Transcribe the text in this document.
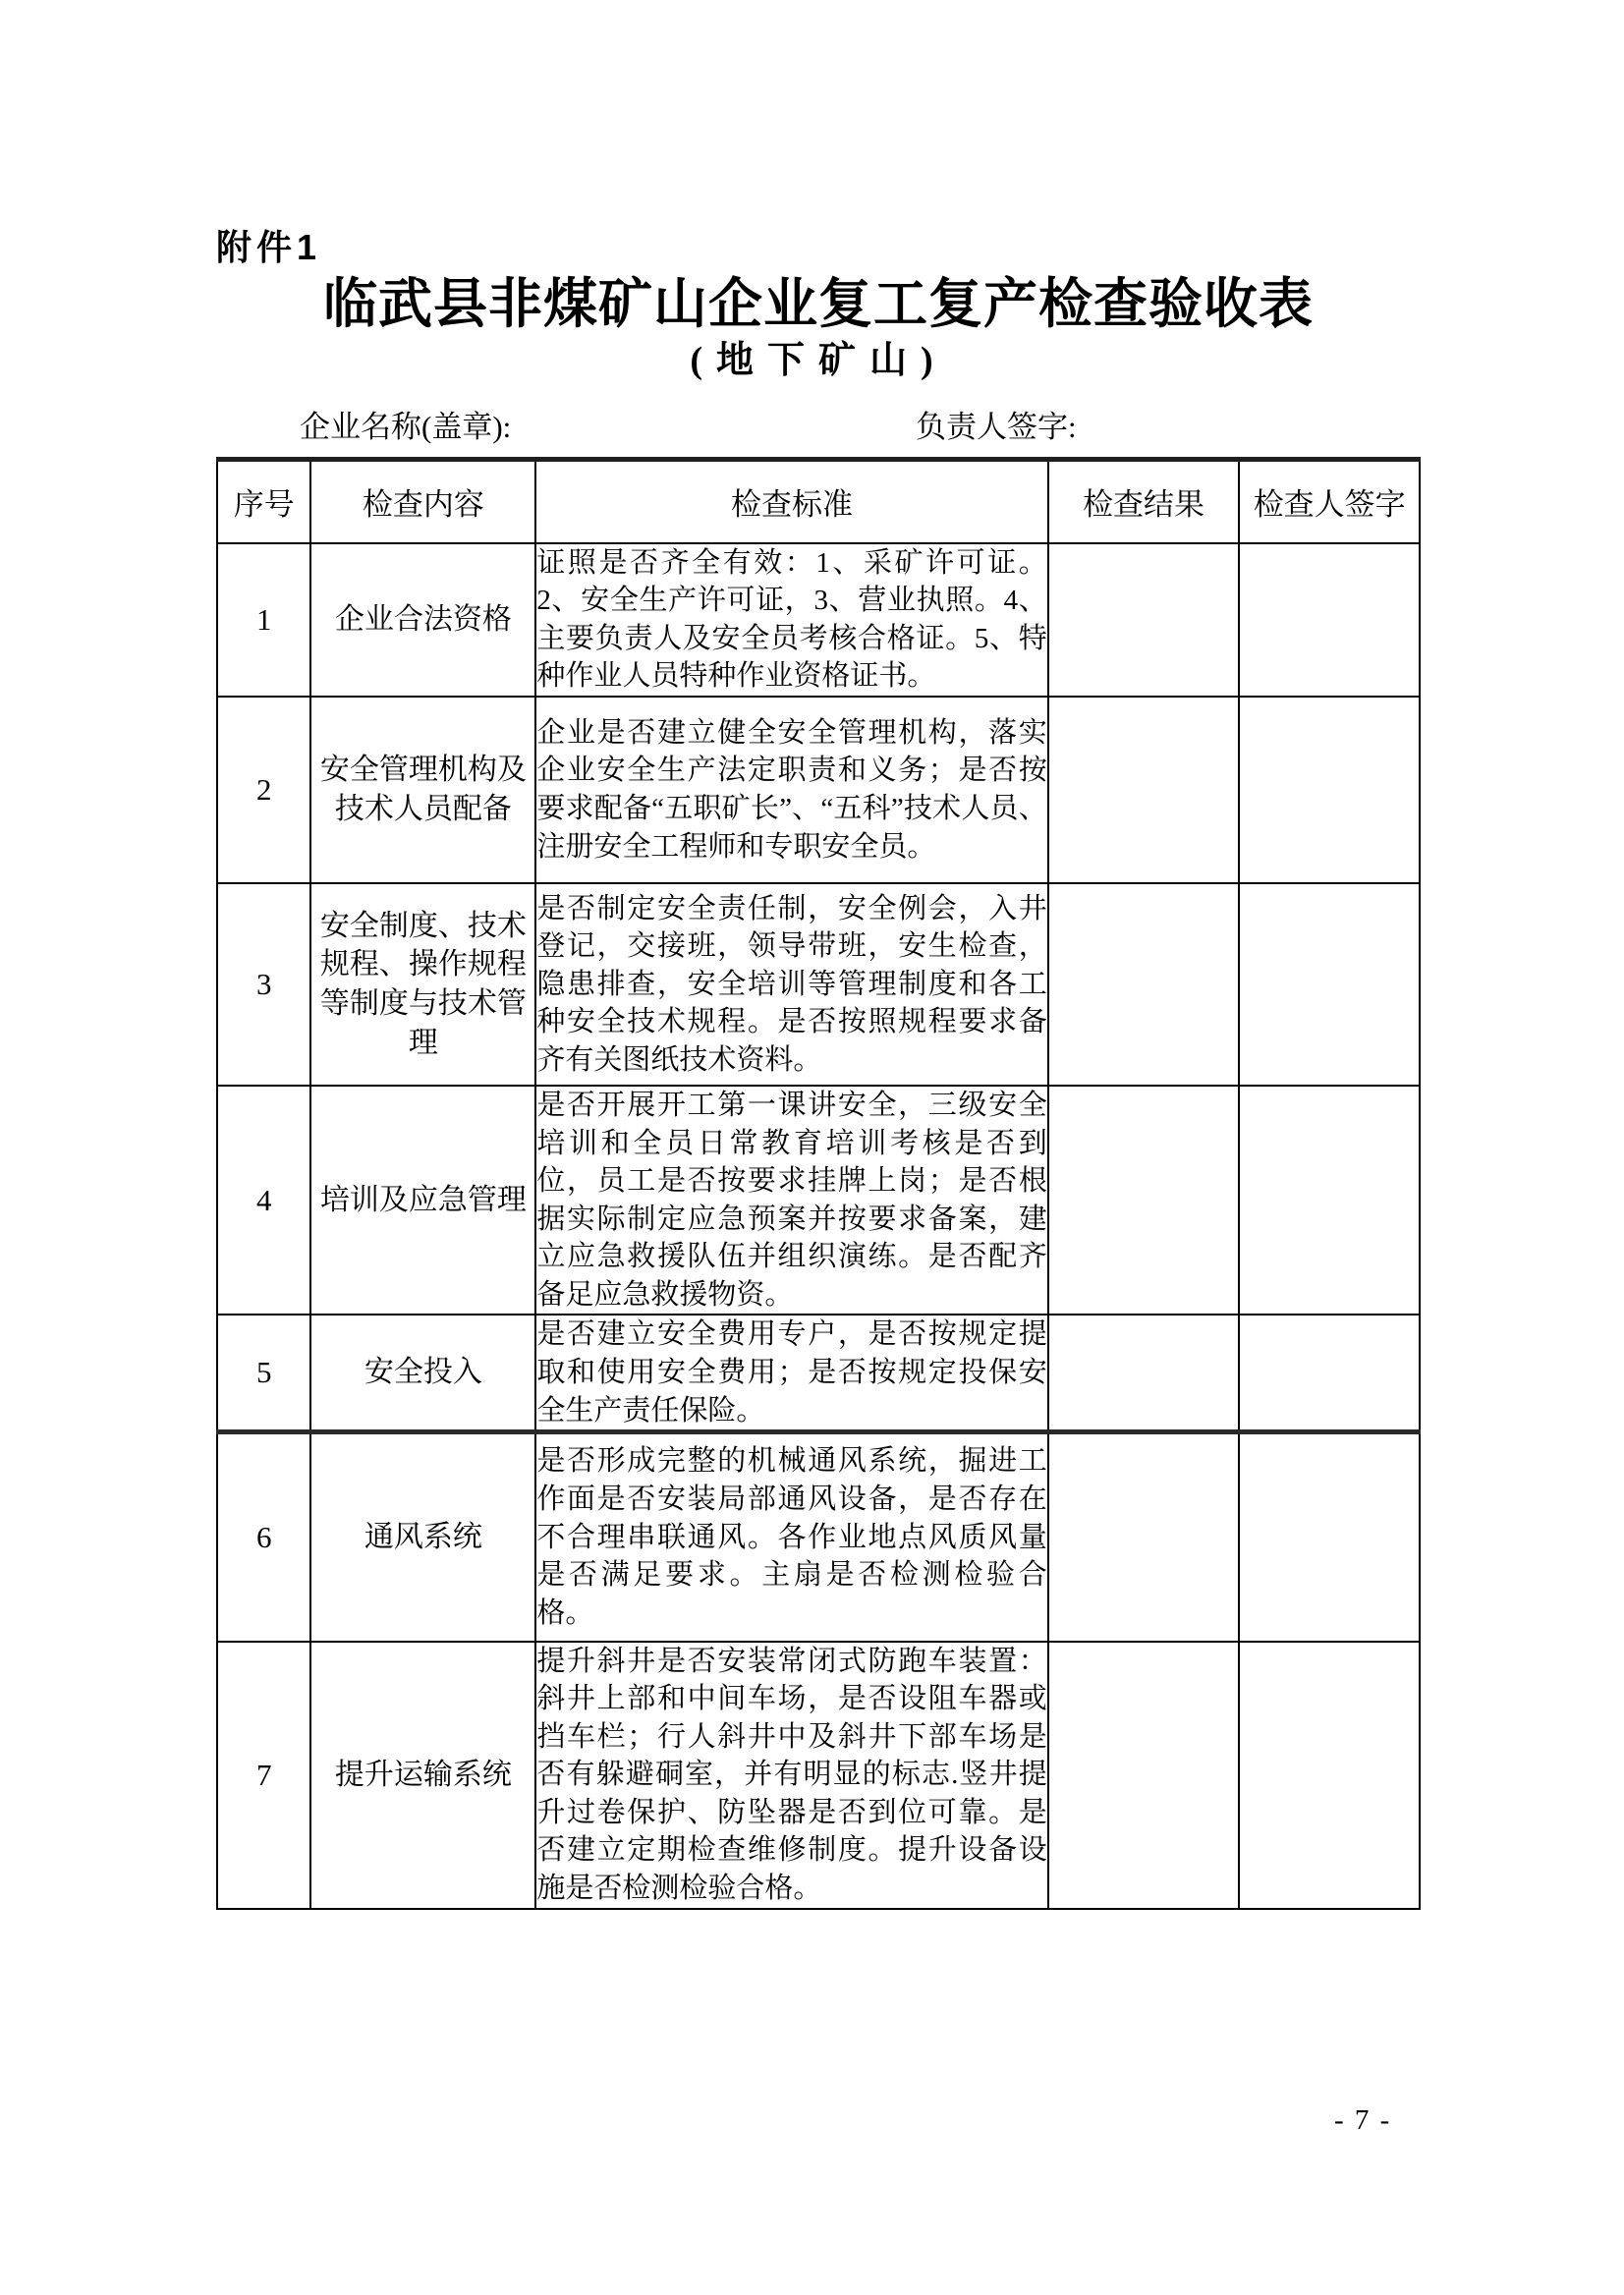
附件1
临武县非煤矿山企业复工复产检查验收表
(地下矿山)
企业名称(盖章):	负责人签字:
序号	检查内容	检查标准	检查结果	检查人签字
1	企业合法资格	证照是否齐全有效：1、采矿许可证。2、安全生产许可证，3、营业执照。4、主要负责人及安全员考核合格证。5、特种作业人员特种作业资格证书。		
2	安全管理机构及技术人员配备	企业是否建立健全安全管理机构，落实企业安全生产法定职责和义务；是否按要求配备“五职矿长”、“五科”技术人员、注册安全工程师和专职安全员。		
3	安全制度、技术规程、操作规程等制度与技术管理	是否制定安全责任制，安全例会，入井登记，交接班，领导带班，安生检查，隐患排查，安全培训等管理制度和各工种安全技术规程。是否按照规程要求备齐有关图纸技术资料。		
4	培训及应急管理	是否开展开工第一课讲安全，三级安全培训和全员日常教育培训考核是否到位，员工是否按要求挂牌上岗；是否根据实际制定应急预案并按要求备案，建立应急救援队伍并组织演练。是否配齐备足应急救援物资。		
5	安全投入	是否建立安全费用专户，是否按规定提取和使用安全费用；是否按规定投保安全生产责任保险。		
6	通风系统	是否形成完整的机械通风系统，掘进工作面是否安装局部通风设备，是否存在不合理串联通风。各作业地点风质风量是否满足要求。主扇是否检测检验合格。		
7	提升运输系统	提升斜井是否安装常闭式防跑车装置：斜井上部和中间车场，是否设阻车器或挡车栏；行人斜井中及斜井下部车场是否有躲避硐室，并有明显的标志.竖井提升过卷保护、防坠器是否到位可靠。是否建立定期检查维修制度。提升设备设施是否检测检验合格。		
- 7 -
